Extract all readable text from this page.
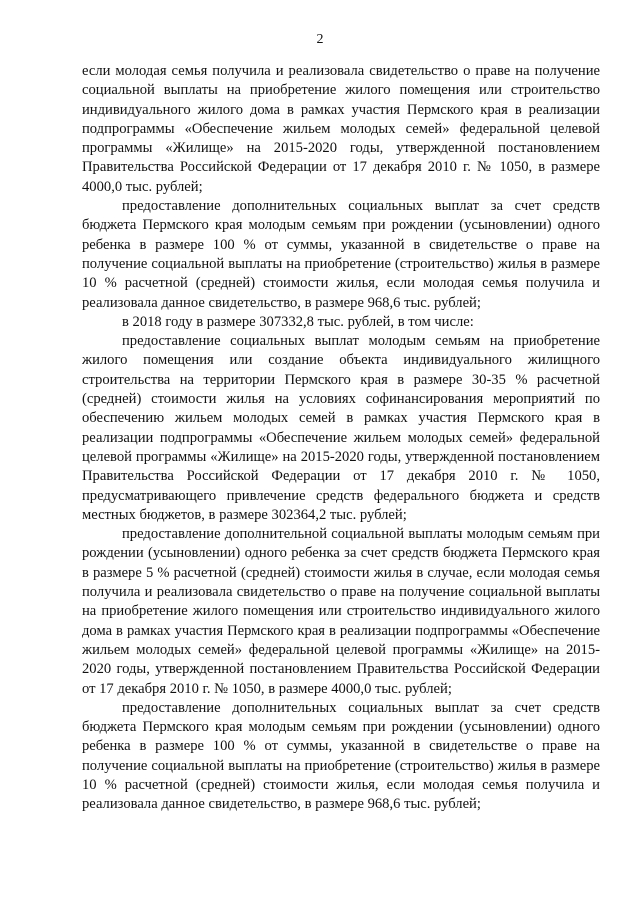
2

если молодая семья получила и реализовала свидетельство о праве на получение социальной выплаты на приобретение жилого помещения или строительство индивидуального жилого дома в рамках участия Пермского края в реализации подпрограммы «Обеспечение жильем молодых семей» федеральной целевой программы «Жилище» на 2015-2020 годы, утвержденной постановлением Правительства Российской Федерации от 17 декабря 2010 г. № 1050, в размере 4000,0 тыс. рублей;

предоставление дополнительных социальных выплат за счет средств бюджета Пермского края молодым семьям при рождении (усыновлении) одного ребенка в размере 100 % от суммы, указанной в свидетельстве о праве на получение социальной выплаты на приобретение (строительство) жилья в размере 10 % расчетной (средней) стоимости жилья, если молодая семья получила и реализовала данное свидетельство, в размере 968,6 тыс. рублей;

в 2018 году в размере 307332,8 тыс. рублей, в том числе:

предоставление социальных выплат молодым семьям на приобретение жилого помещения или создание объекта индивидуального жилищного строительства на территории Пермского края в размере 30-35 % расчетной (средней) стоимости жилья на условиях софинансирования мероприятий по обеспечению жильем молодых семей в рамках участия Пермского края в реализации подпрограммы «Обеспечение жильем молодых семей» федеральной целевой программы «Жилище» на 2015-2020 годы, утвержденной постановлением Правительства Российской Федерации от 17 декабря 2010 г. № 1050, предусматривающего привлечение средств федерального бюджета и средств местных бюджетов, в размере 302364,2 тыс. рублей;

предоставление дополнительной социальной выплаты молодым семьям при рождении (усыновлении) одного ребенка за счет средств бюджета Пермского края в размере 5 % расчетной (средней) стоимости жилья в случае, если молодая семья получила и реализовала свидетельство о праве на получение социальной выплаты на приобретение жилого помещения или строительство индивидуального жилого дома в рамках участия Пермского края в реализации подпрограммы «Обеспечение жильем молодых семей» федеральной целевой программы «Жилище» на 2015-2020 годы, утвержденной постановлением Правительства Российской Федерации от 17 декабря 2010 г. № 1050, в размере 4000,0 тыс. рублей;

предоставление дополнительных социальных выплат за счет средств бюджета Пермского края молодым семьям при рождении (усыновлении) одного ребенка в размере 100 % от суммы, указанной в свидетельстве о праве на получение социальной выплаты на приобретение (строительство) жилья в размере 10 % расчетной (средней) стоимости жилья, если молодая семья получила и реализовала данное свидетельство, в размере 968,6 тыс. рублей;
